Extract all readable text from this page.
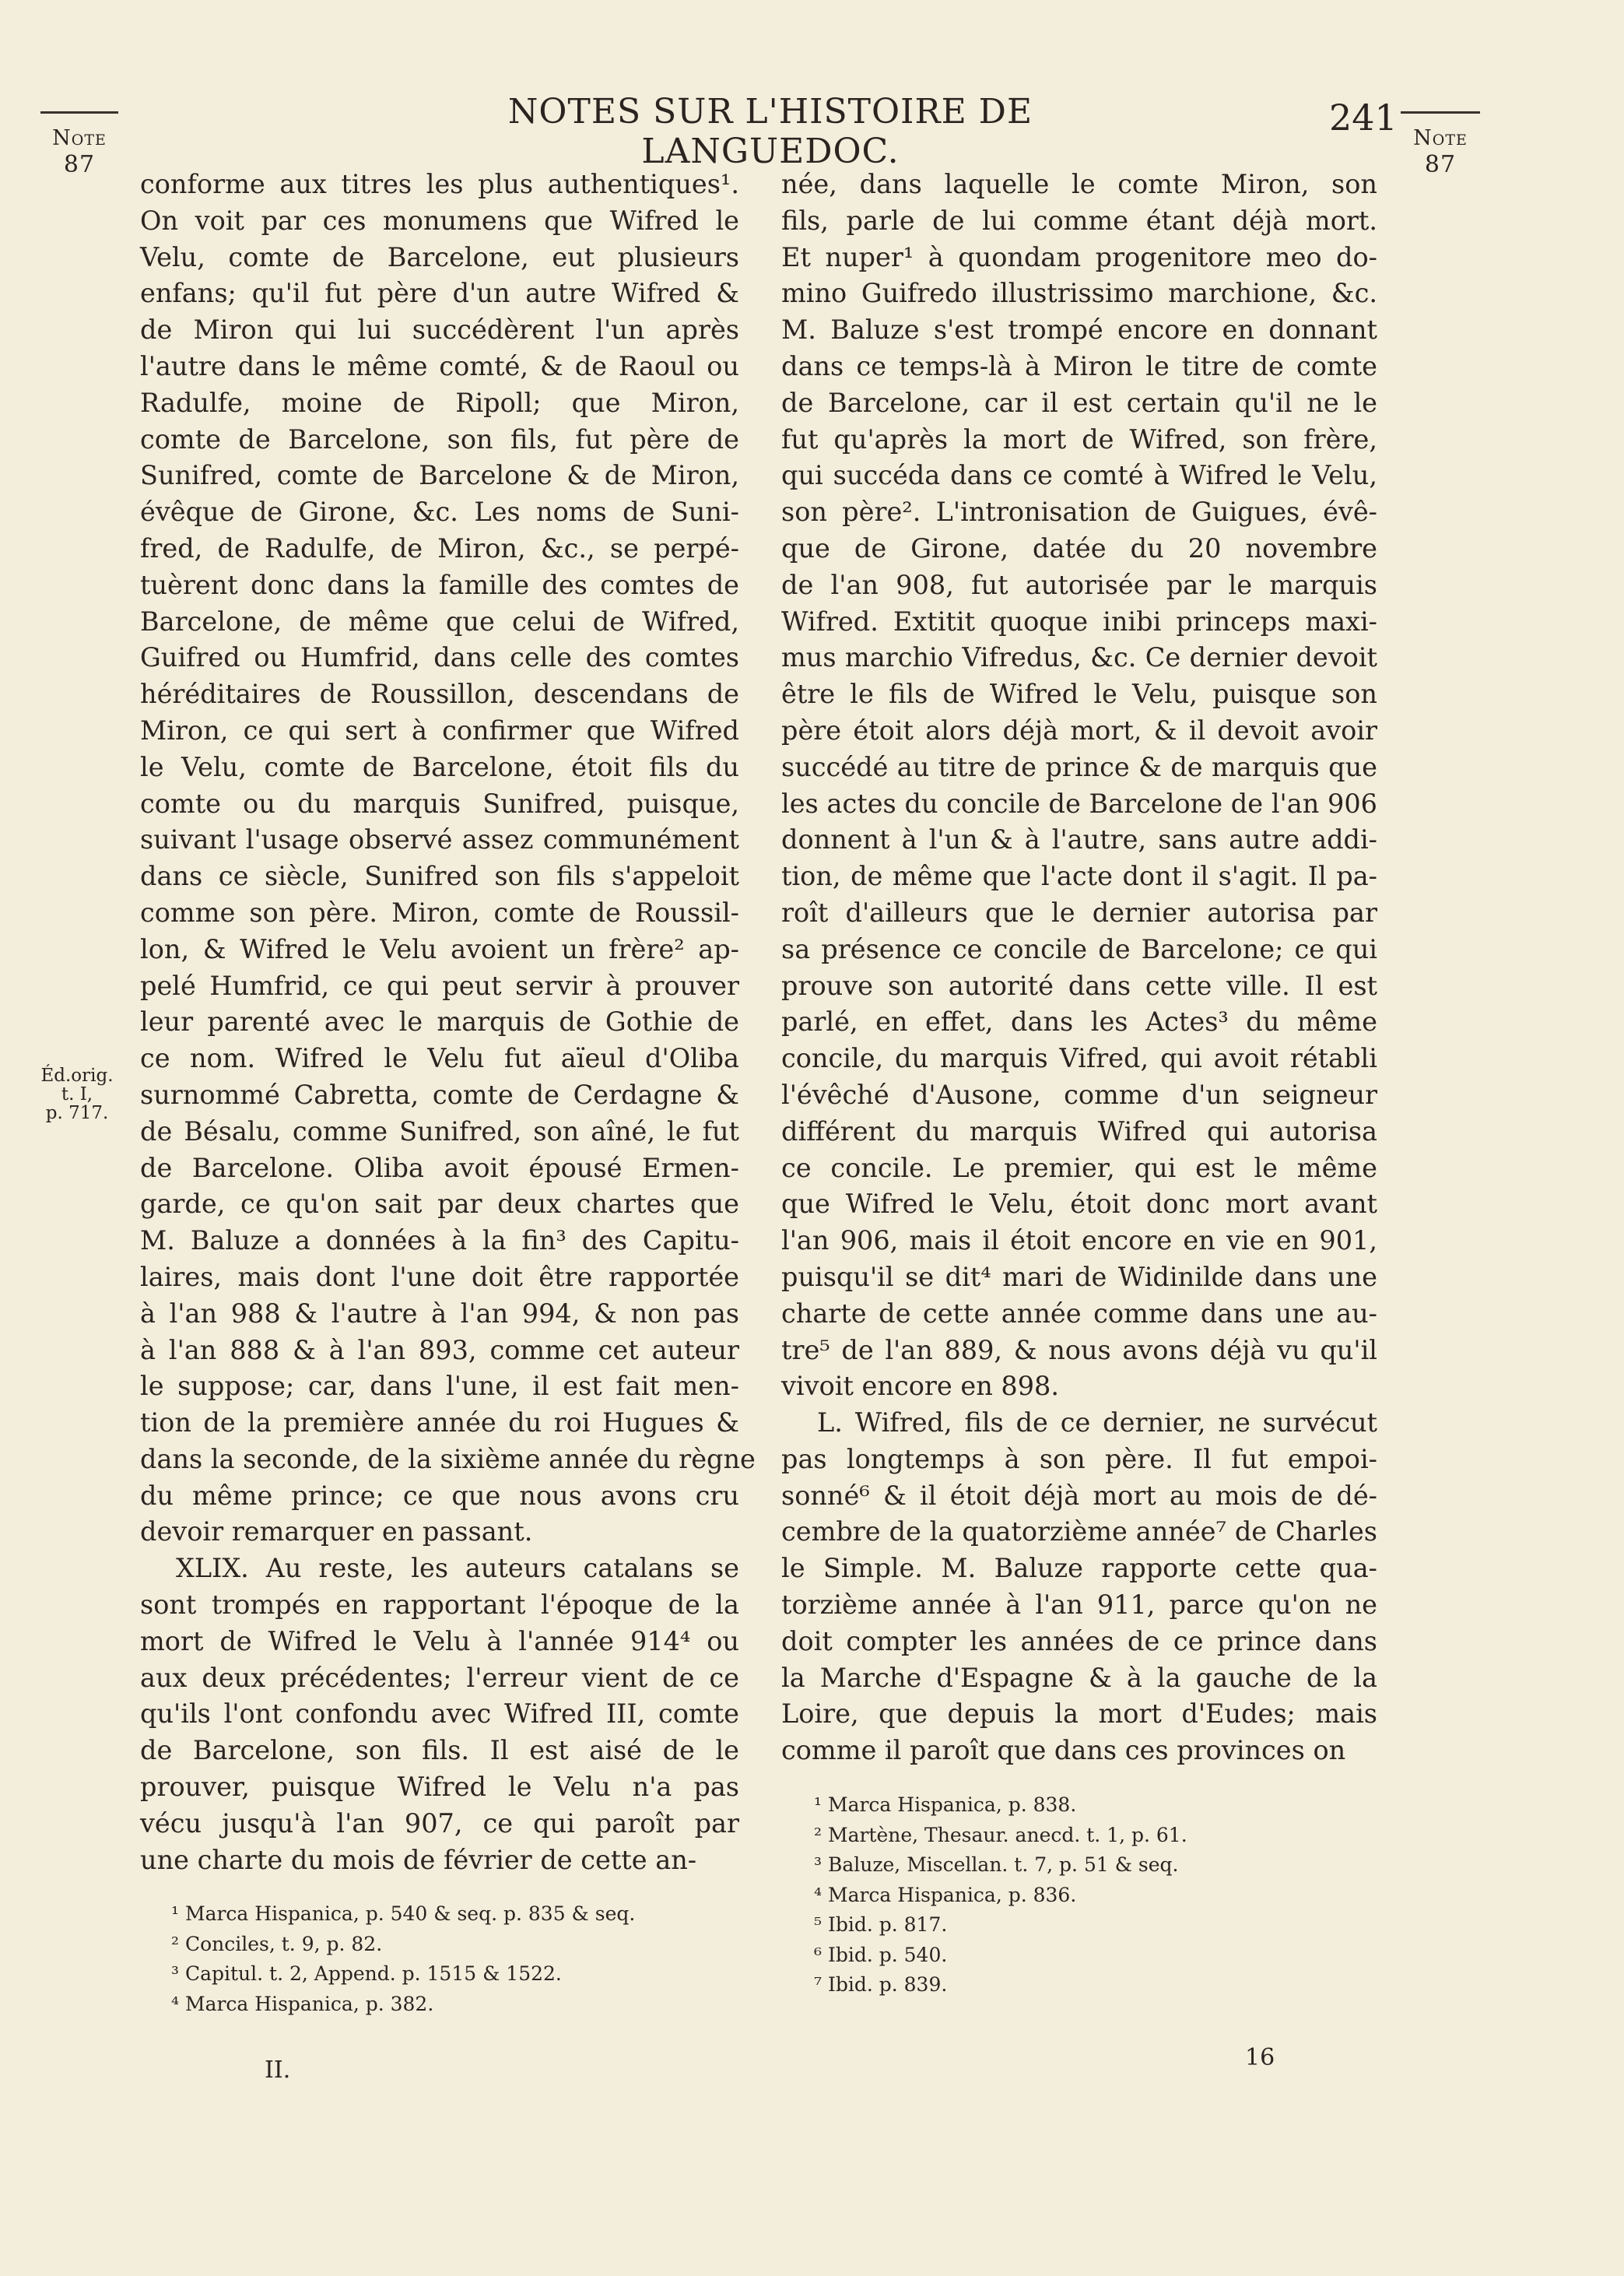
Note
87
NOTES SUR L'HISTOIRE DE LANGUEDOC.
241 Note
87
conforme aux titres les plus authentiques¹.
On voit par ces monumens que Wifred le
Velu, comte de Barcelone, eut plusieurs
enfans; qu'il fut père d'un autre Wifred &
de Miron qui lui succédèrent l'un après
l'autre dans le même comté, & de Raoul ou
Radulfe, moine de Ripoll; que Miron,
comte de Barcelone, son fils, fut père de
Sunifred, comte de Barcelone & de Miron,
évêque de Girone, &c. Les noms de Suni-
fred, de Radulfe, de Miron, &c., se perpé-
tuèrent donc dans la famille des comtes de
Barcelone, de même que celui de Wifred,
Guifred ou Humfrid, dans celle des comtes
héréditaires de Roussillon, descendans de
Miron, ce qui sert à confirmer que Wifred
le Velu, comte de Barcelone, étoit fils du
comte ou du marquis Sunifred, puisque,
suivant l'usage observé assez communément
dans ce siècle, Sunifred son fils s'appeloit
comme son père. Miron, comte de Roussil-
lon, & Wifred le Velu avoient un frère² ap-
pelé Humfrid, ce qui peut servir à prouver
leur parenté avec le marquis de Gothie de
ce nom. Wifred le Velu fut aïeul d'Oliba
surnommé Cabretta, comte de Cerdagne &
de Bésalu, comme Sunifred, son aîné, le fut
de Barcelone. Oliba avoit épousé Ermen-
garde, ce qu'on sait par deux chartes que
M. Baluze a données à la fin³ des Capitu-
laires, mais dont l'une doit être rapportée
à l'an 988 & l'autre à l'an 994, & non pas
à l'an 888 & à l'an 893, comme cet auteur
le suppose; car, dans l'une, il est fait men-
tion de la première année du roi Hugues &
dans la seconde, de la sixième année du règne
du même prince; ce que nous avons cru
devoir remarquer en passant.
XLIX. Au reste, les auteurs catalans se
sont trompés en rapportant l'époque de la
mort de Wifred le Velu à l'année 914⁴ ou
aux deux précédentes; l'erreur vient de ce
qu'ils l'ont confondu avec Wifred III, comte
de Barcelone, son fils. Il est aisé de le
prouver, puisque Wifred le Velu n'a pas
vécu jusqu'à l'an 907, ce qui paroît par
une charte du mois de février de cette an-
née, dans laquelle le comte Miron, son
fils, parle de lui comme étant déjà mort.
Et nuper¹ à quondam progenitore meo do-
mino Guifredo illustrissimo marchione, &c.
M. Baluze s'est trompé encore en donnant
dans ce temps-là à Miron le titre de comte
de Barcelone, car il est certain qu'il ne le
fut qu'après la mort de Wifred, son frère,
qui succéda dans ce comté à Wifred le Velu,
son père². L'intronisation de Guigues, évê-
que de Girone, datée du 20 novembre
de l'an 908, fut autorisée par le marquis
Wifred. Extitit quoque inibi princeps maxi-
mus marchio Vifredus, &c. Ce dernier devoit
être le fils de Wifred le Velu, puisque son
père étoit alors déjà mort, & il devoit avoir
succédé au titre de prince & de marquis que
les actes du concile de Barcelone de l'an 906
donnent à l'un & à l'autre, sans autre addi-
tion, de même que l'acte dont il s'agit. Il pa-
roît d'ailleurs que le dernier autorisa par
sa présence ce concile de Barcelone; ce qui
prouve son autorité dans cette ville. Il est
parlé, en effet, dans les Actes³ du même
concile, du marquis Vifred, qui avoit rétabli
l'évêché d'Ausone, comme d'un seigneur
différent du marquis Wifred qui autorisa
ce concile. Le premier, qui est le même
que Wifred le Velu, étoit donc mort avant
l'an 906, mais il étoit encore en vie en 901,
puisqu'il se dit⁴ mari de Widinilde dans une
charte de cette année comme dans une au-
tre⁵ de l'an 889, & nous avons déjà vu qu'il
vivoit encore en 898.
L. Wifred, fils de ce dernier, ne survécut
pas longtemps à son père. Il fut empoi-
sonné⁶ & il étoit déjà mort au mois de dé-
cembre de la quatorzième année⁷ de Charles
le Simple. M. Baluze rapporte cette qua-
torzième année à l'an 911, parce qu'on ne
doit compter les années de ce prince dans
la Marche d'Espagne & à la gauche de la
Loire, que depuis la mort d'Eudes; mais
comme il paroît que dans ces provinces on
Éd.orig.
t. I,
p. 717.
¹ Marca Hispanica, p. 540 & seq. p. 835 & seq.
² Conciles, t. 9, p. 82.
³ Capitul. t. 2, Append. p. 1515 & 1522.
⁴ Marca Hispanica, p. 382.
¹ Marca Hispanica, p. 838.
² Martène, Thesaur. anecd. t. 1, p. 61.
³ Baluze, Miscellan. t. 7, p. 51 & seq.
⁴ Marca Hispanica, p. 836.
⁵ Ibid. p. 817.
⁶ Ibid. p. 540.
⁷ Ibid. p. 839.
II.	16
